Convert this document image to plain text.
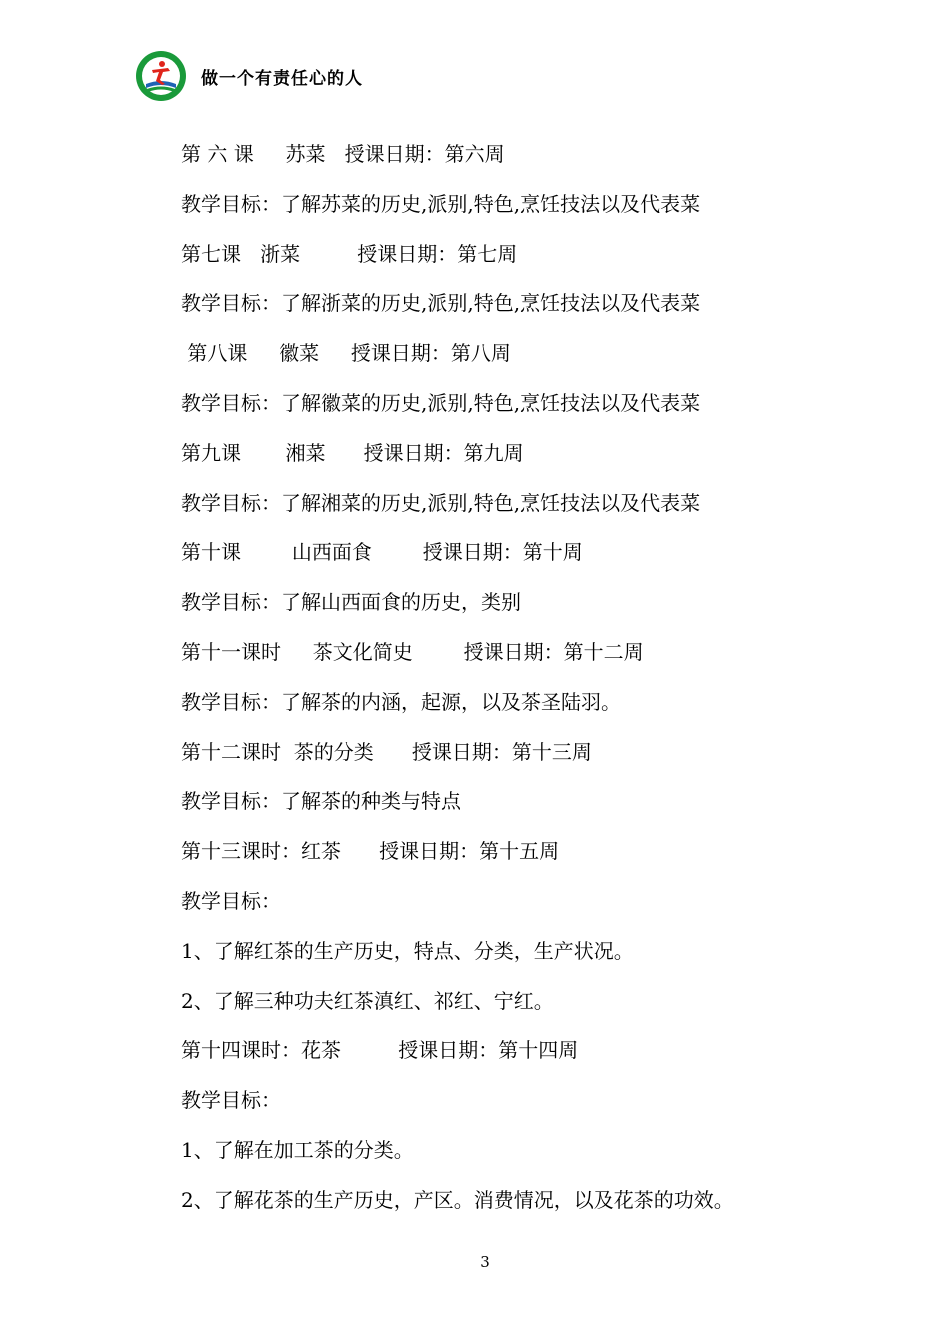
做一个有责任心的人
第 六 课     苏菜   授课日期：第六周
教学目标：了解苏菜的历史,派别,特色,烹饪技法以及代表菜
第七课   浙菜         授课日期：第七周
教学目标：了解浙菜的历史,派别,特色,烹饪技法以及代表菜
第八课     徽菜     授课日期：第八周
教学目标：了解徽菜的历史,派别,特色,烹饪技法以及代表菜
第九课       湘菜      授课日期：第九周
教学目标：了解湘菜的历史,派别,特色,烹饪技法以及代表菜
第十课        山西面食        授课日期：第十周
教学目标：了解山西面食的历史，类别
第十一课时     茶文化简史        授课日期：第十二周
教学目标：了解茶的内涵，起源，以及茶圣陆羽。
第十二课时  茶的分类      授课日期：第十三周
教学目标：了解茶的种类与特点
第十三课时：红茶      授课日期：第十五周
教学目标：
1、了解红茶的生产历史，特点、分类，生产状况。
2、了解三种功夫红茶滇红、祁红、宁红。
第十四课时：花茶         授课日期：第十四周
教学目标：
1、了解在加工茶的分类。
2、了解花茶的生产历史，产区。消费情况，以及花茶的功效。
3
